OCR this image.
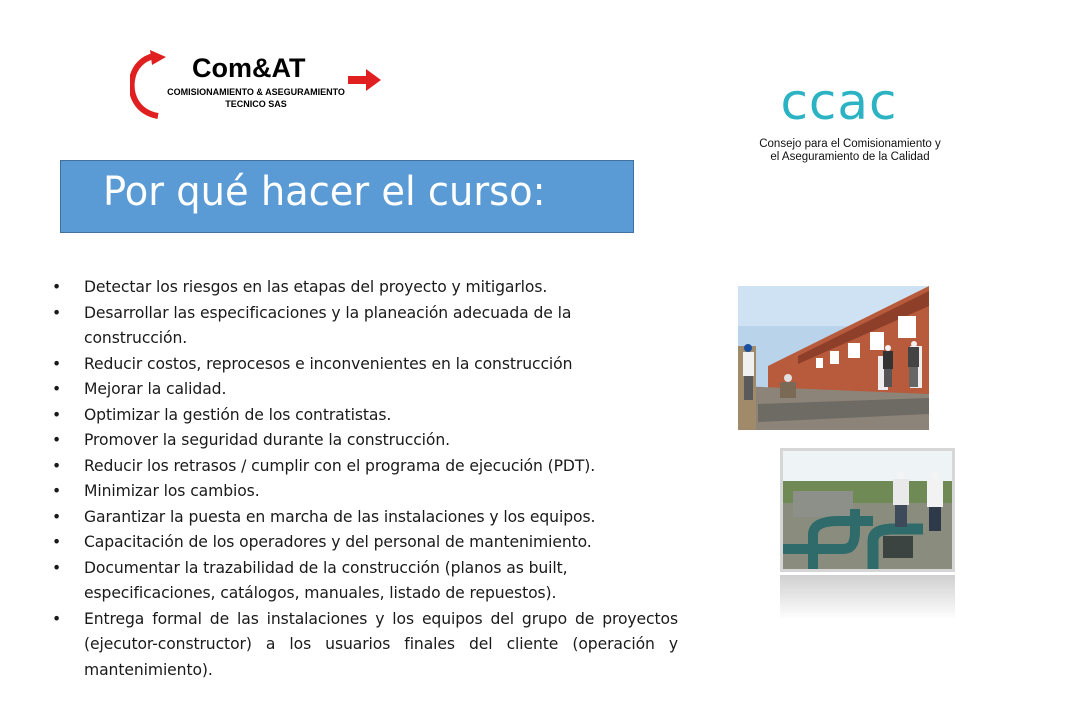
Com&AT
COMISIONAMIENTO & ASEGURAMIENTO
TECNICO SAS	ccac
Consejo para el Comisionamiento y
el Aseguramiento de la Calidad
Por qué hacer el curso:
• Detectar los riesgos en las etapas del proyecto y mitigarlos.
• Desarrollar las especificaciones y la planeación adecuada de la construcción.
• Reducir costos, reprocesos e inconvenientes en la construcción
• Mejorar la calidad.
• Optimizar la gestión de los contratistas.
• Promover la seguridad durante la construcción.
• Reducir los retrasos / cumplir con el programa de ejecución (PDT).
• Minimizar los cambios.
• Garantizar la puesta en marcha de las instalaciones y los equipos.
• Capacitación de los operadores y del personal de mantenimiento.
• Documentar la trazabilidad de la construcción (planos as built, especificaciones, catálogos, manuales, listado de repuestos).
• Entrega formal de las instalaciones y los equipos del grupo de proyectos (ejecutor-constructor) a los usuarios finales del cliente (operación y mantenimiento).
